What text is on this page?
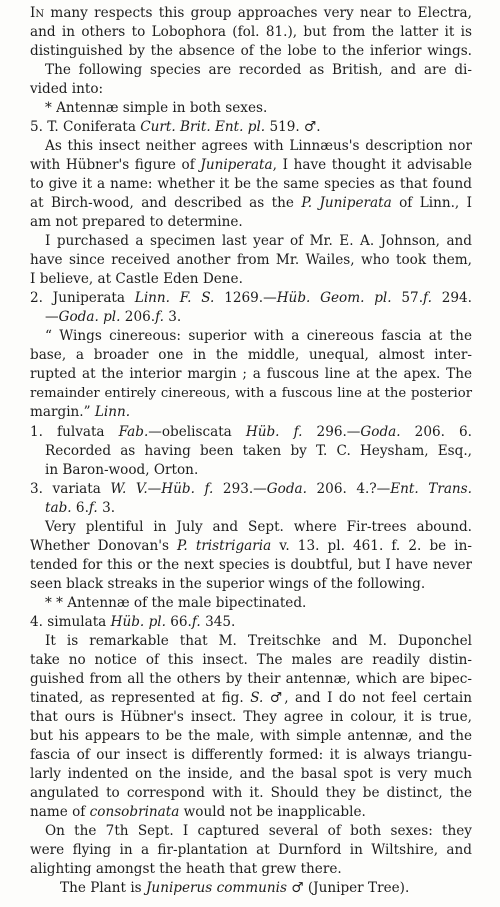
In many respects this group approaches very near to Electra,
and in others to Lobophora (fol. 81.), but from the latter it is
distinguished by the absence of the lobe to the inferior wings.
The following species are recorded as British, and are di-
vided into:
* Antennæ simple in both sexes.
5. T. Coniferata Curt. Brit. Ent. pl. 519. ♂.
As this insect neither agrees with Linnæus's description nor
with Hübner's figure of Juniperata, I have thought it advisable
to give it a name: whether it be the same species as that found
at Birch-wood, and described as the P. Juniperata of Linn., I
am not prepared to determine.
I purchased a specimen last year of Mr. E. A. Johnson, and
have since received another from Mr. Wailes, who took them,
I believe, at Castle Eden Dene.
2. Juniperata Linn. F. S. 1269.—Hüb. Geom. pl. 57.f. 294.
—Goda. pl. 206.f. 3.
“ Wings cinereous: superior with a cinereous fascia at the
base, a broader one in the middle, unequal, almost inter-
rupted at the interior margin ; a fuscous line at the apex. The
remainder entirely cinereous, with a fuscous line at the posterior
margin.” Linn.
1. fulvata Fab.—obeliscata Hüb. f. 296.—Goda. 206. 6.
Recorded as having been taken by T. C. Heysham, Esq.,
in Baron-wood, Orton.
3. variata W. V.—Hüb. f. 293.—Goda. 206. 4.?—Ent. Trans.
tab. 6.f. 3.
Very plentiful in July and Sept. where Fir-trees abound.
Whether Donovan's P. tristrigaria v. 13. pl. 461. f. 2. be in-
tended for this or the next species is doubtful, but I have never
seen black streaks in the superior wings of the following.
* * Antennæ of the male bipectinated.
4. simulata Hüb. pl. 66.f. 345.
It is remarkable that M. Treitschke and M. Duponchel
take no notice of this insect. The males are readily distin-
guished from all the others by their antennæ, which are bipec-
tinated, as represented at fig. S. ♂, and I do not feel certain
that ours is Hübner's insect. They agree in colour, it is true,
but his appears to be the male, with simple antennæ, and the
fascia of our insect is differently formed: it is always triangu-
larly indented on the inside, and the basal spot is very much
angulated to correspond with it. Should they be distinct, the
name of consobrinata would not be inapplicable.
On the 7th Sept. I captured several of both sexes: they
were flying in a fir-plantation at Durnford in Wiltshire, and
alighting amongst the heath that grew there.
The Plant is Juniperus communis ♂ (Juniper Tree).
